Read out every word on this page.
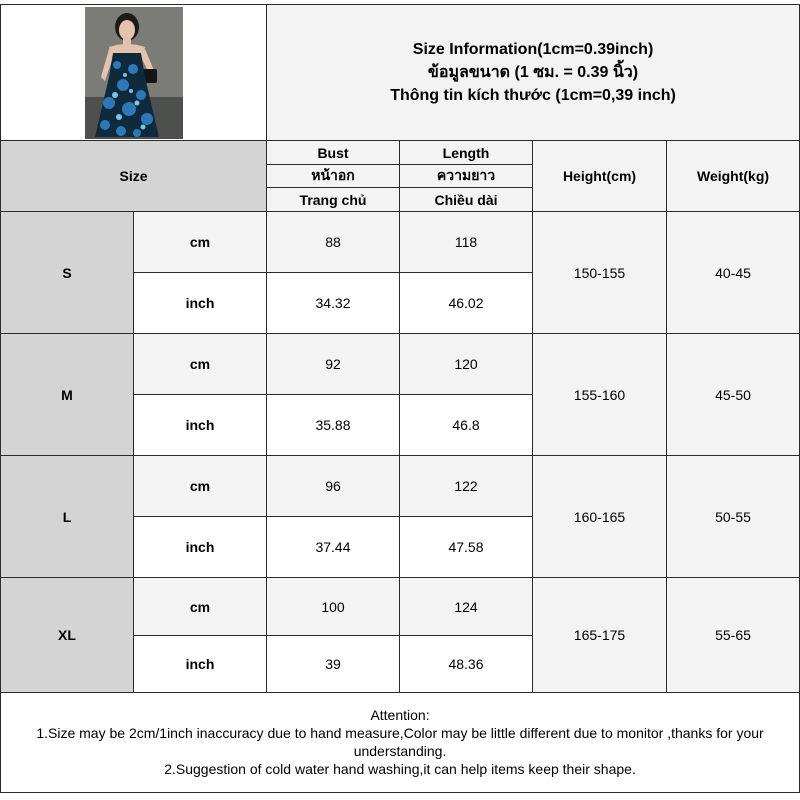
Size Information(1cm=0.39inch)
ข้อมูลขนาด (1 ซม. = 0.39 นิ้ว)
Thông tin kích thước (1cm=0,39 inch)			

Size		Bust	Length	Height(cm)	Weight(kg)
		หน้าอก	ความยาว		
		Trang chủ	Chiều dài		
S	cm	88	118	150-155	40-45
	inch	34.32	46.02		
M	cm	92	120	155-160	45-50
	inch	35.88	46.8		
L	cm	96	122	160-165	50-55
	inch	37.44	47.58		
XL	cm	100	124	165-175	55-65
	inch	39	48.36		

Attention:
1.Size may be 2cm/1inch inaccuracy due to hand measure,Color may be little different due to monitor ,thanks for your understanding.
2.Suggestion of cold water hand washing,it can help items keep their shape.					
